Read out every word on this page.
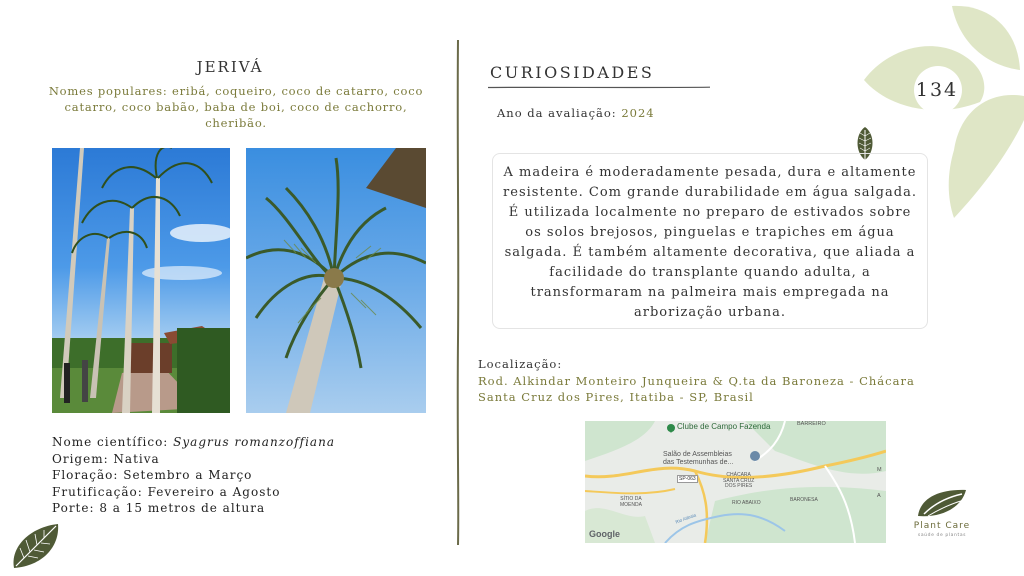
134
JERIVÁ
Nomes populares: eribá, coqueiro, coco de catarro, coco catarro, coco babão, baba de boi, coco de cachorro, cheribão.
Nome científico: Syagrus romanzoffiana
Origem: Nativa
Floração: Setembro a Março
Frutificação: Fevereiro a Agosto
Porte: 8 a 15 metros de altura
CURIOSIDADES
Ano da avaliação: 2024
A madeira é moderadamente pesada, dura e altamente resistente. Com grande durabilidade em água salgada. É utilizada localmente no preparo de estivados sobre os solos brejosos, pinguelas e trapiches em água salgada. É também altamente decorativa, que aliada a facilidade do transplante quando adulta, a transformaram na palmeira mais empregada na arborização urbana.
Localização:
Rod. Alkindar Monteiro Junqueira & Q.ta da Baroneza - Chácara Santa Cruz dos Pires, Itatiba - SP, Brasil
Clube de Campo Fazenda	BARREIRO
Salão de Assembleias
das Testemunhas de...
SP-063
CHÁCARA
SANTA CRUZ
DOS PIRES
SÍTIO DA
MOENDA	RIO ABAIXO	BARONESA
Rio Atibaia
M
A
Google
Plant Care
saúde de plantas
